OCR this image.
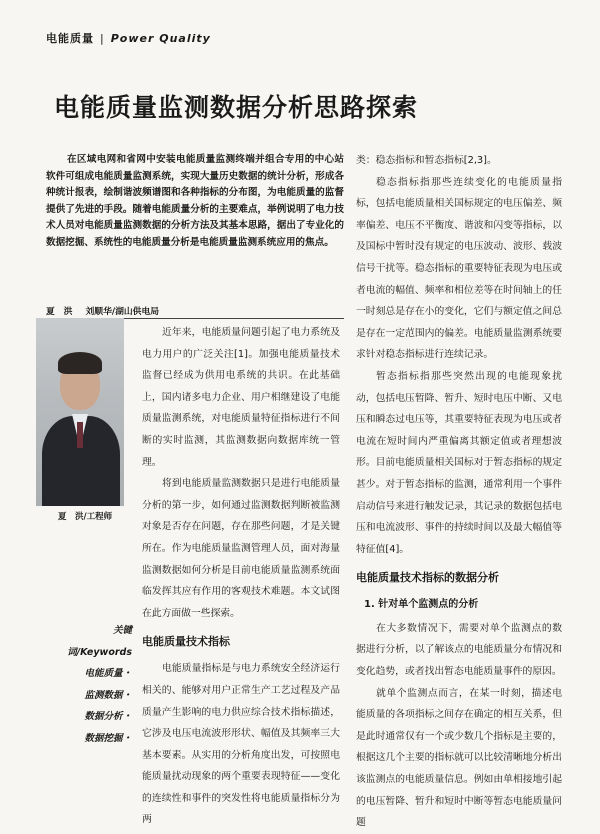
电能质量 | Power Quality
电能质量监测数据分析思路探索

在区域电网和省网中安装电能质量监测终端并组合专用的中心站软件可组成电能质量监测系统，实现大量历史数据的统计分析，形成各种统计报表，绘制谐波频谱图和各种指标的分布图，为电能质量的监督提供了先进的手段。随着电能质量分析的主要难点，举例说明了电力技术人员对电能质量监测数据的分析方法及其基本思路，据出了专业化的数据挖掘、系统性的电能质量分析是电能质量监测系统应用的焦点。

夏　洪 刘顺华/湖山供电局
夏　洪/工程师
关键词/Keywords
电能质量・
监测数据・
数据分析・
数据挖掘・

近年来，电能质量问题引起了电力系统及电力用户的广泛关注[1]。加强电能质量技术监督已经成为供用电系统的共识。在此基础上，国内诸多电力企业、用户相继建设了电能质量监测系统，对电能质量特征指标进行不间断的实时监测，其监测数据向数据库统一管理。

将到电能质量监测数据只是进行电能质量分析的第一步，如何通过监测数据判断被监测对象是否存在问题，存在那些问题，才是关键所在。作为电能质量监测管理人员，面对海量监测数据如何分析是目前电能质量监测系统面临发挥其应有作用的客观技术难题。本文试图在此方面做一些探索。

电能质量技术指标

电能质量指标是与电力系统安全经济运行相关的、能够对用户正常生产工艺过程及产品质量产生影响的电力供应综合技术指标描述，它涉及电压电流波形形状、幅值及其频率三大基本要素。从实用的分析角度出发，可按照电能质量扰动现象的两个重要表现特征——变化的连续性和事件的突发性将电能质量指标分为两

类：稳态指标和暂态指标[2,3]。

稳态指标指那些连续变化的电能质量指标，包括电能质量相关国标规定的电压偏差、频率偏差、电压不平衡度、谐波和闪变等指标，以及国标中暂时没有规定的电压波动、波形、载波信号干扰等。稳态指标的重要特征表现为电压或者电流的幅值、频率和相位差等在时间轴上的任一时刻总是存在小的变化，它们与额定值之间总是存在一定范围内的偏差。电能质量监测系统要求针对稳态指标进行连续记录。

暂态指标指那些突然出现的电能现象扰动，包括电压暂降、暂升、短时电压中断、又电压和瞬态过电压等，其重要特征表现为电压或者电流在短时间内严重偏离其额定值或者理想波形。目前电能质量相关国标对于暂态指标的规定甚少。对于暂态指标的监测，通常利用一个事件启动信号来进行触发记录，其记录的数据包括电压和电流波形、事件的持续时间以及最大幅值等特征值[4]。

电能质量技术指标的数据分析
1. 针对单个监测点的分析

在大多数情况下，需要对单个监测点的数据进行分析，以了解该点的电能质量分布情况和变化趋势，或者找出暂态电能质量事件的原因。

就单个监测点而言，在某一时刻，描述电能质量的各项指标之间存在确定的相互关系，但是此时通常仅有一个或少数几个指标是主要的，根据这几个主要的指标就可以比较清晰地分析出该监测点的电能质量信息。例如由单相接地引起的电压暂降、暂升和短时中断等暂态电能质量问题
